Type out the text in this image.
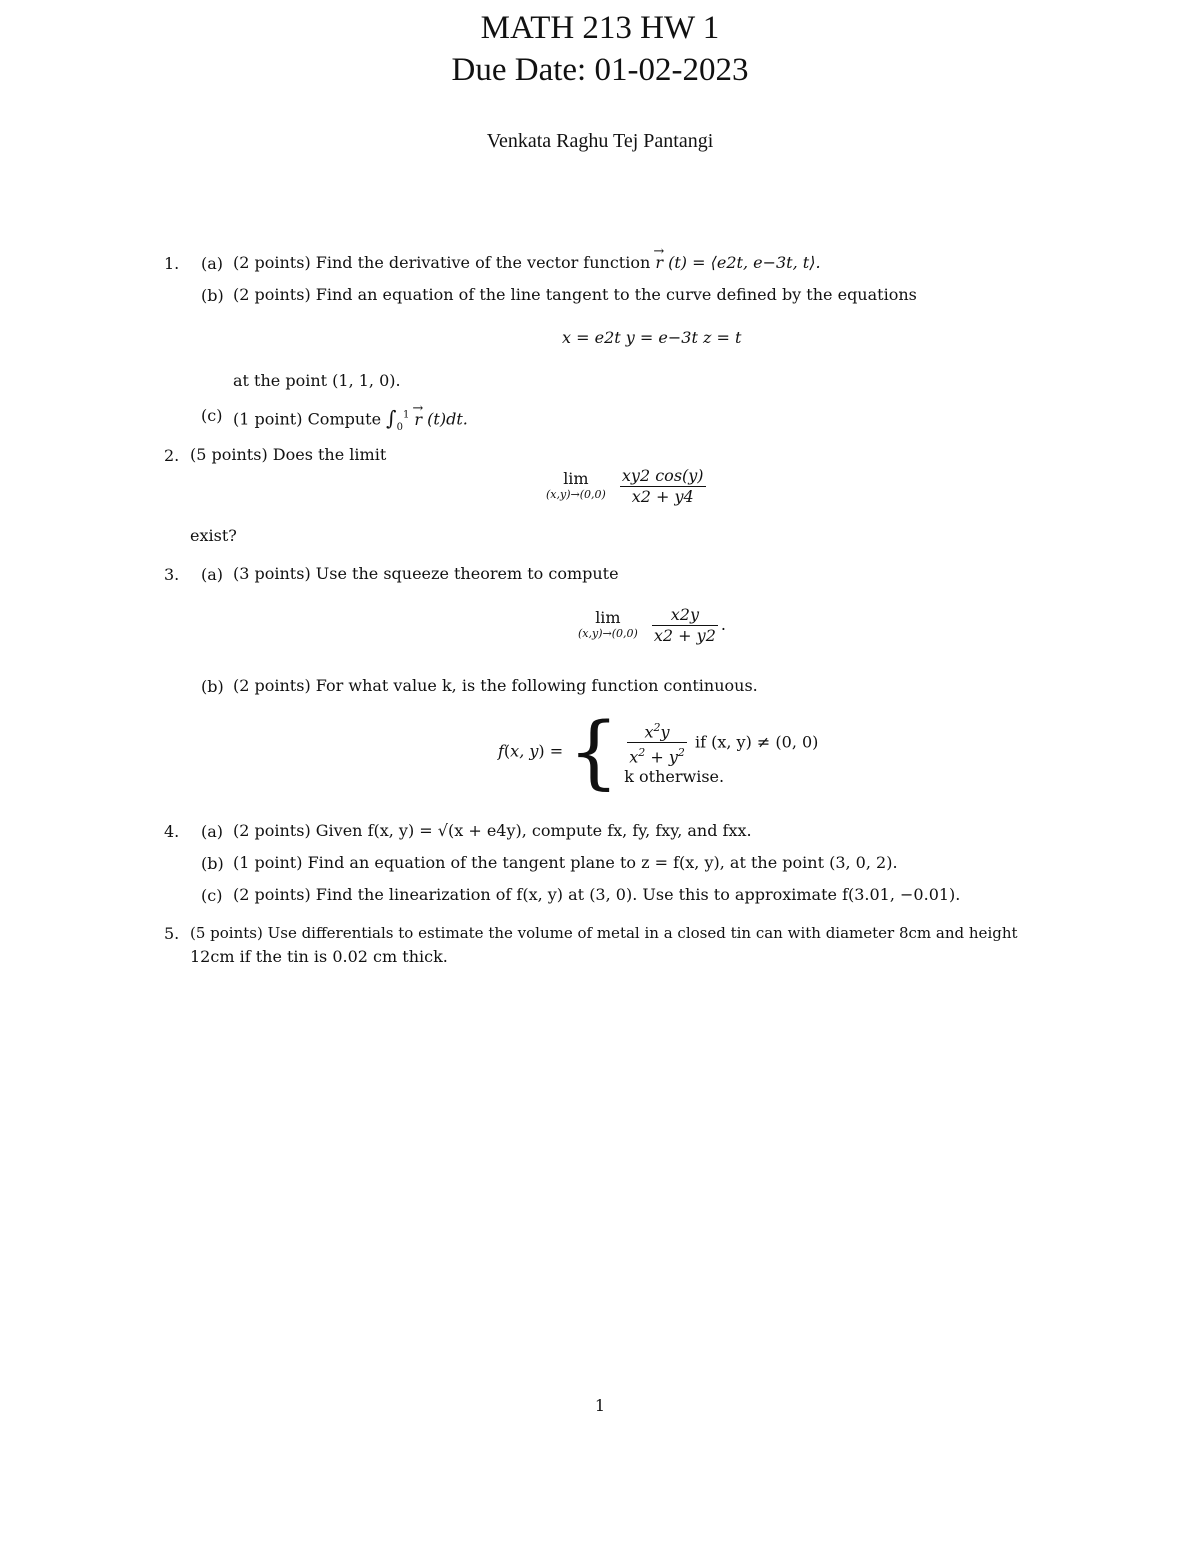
MATH 213 HW 1
Due Date: 01-02-2023
Venkata Raghu Tej Pantangi
1. (a) (2 points) Find the derivative of the vector function → r (t) = ⟨e2t, e−3t, t⟩.
(b) (2 points) Find an equation of the line tangent to the curve defined by the equations
x = e2t y = e−3t z = t
at the point (1, 1, 0).
(c) (1 point) Compute $\int_0^1 \to r$ (t)dt.
2. (5 points) Does the limit
lim
(x,y)→(0,0)
$\frac{xy2 \cos(y)}{x2 + y4}$
exist?
3. (a) (3 points) Use the squeeze theorem to compute
lim
(x,y)→(0,0)
$\frac{x2y}{x2 + y2}$ .
(b) (2 points) For what value k, is the following function continuous.
f(x, y) = { $\frac{x^2y}{x^2 + y^2}$ if (x, y) ≠ (0, 0)
k otherwise.
4. (a) (2 points) Given f(x, y) = √(x + e4y), compute fx, fy, fxy, and fxx.
(b) (1 point) Find an equation of the tangent plane to z = f(x, y), at the point (3, 0, 2).
(c) (2 points) Find the linearization of f(x, y) at (3, 0). Use this to approximate f(3.01, −0.01).
5. (5 points) Use differentials to estimate the volume of metal in a closed tin can with diameter 8cm and height
12cm if the tin is 0.02 cm thick.
1
